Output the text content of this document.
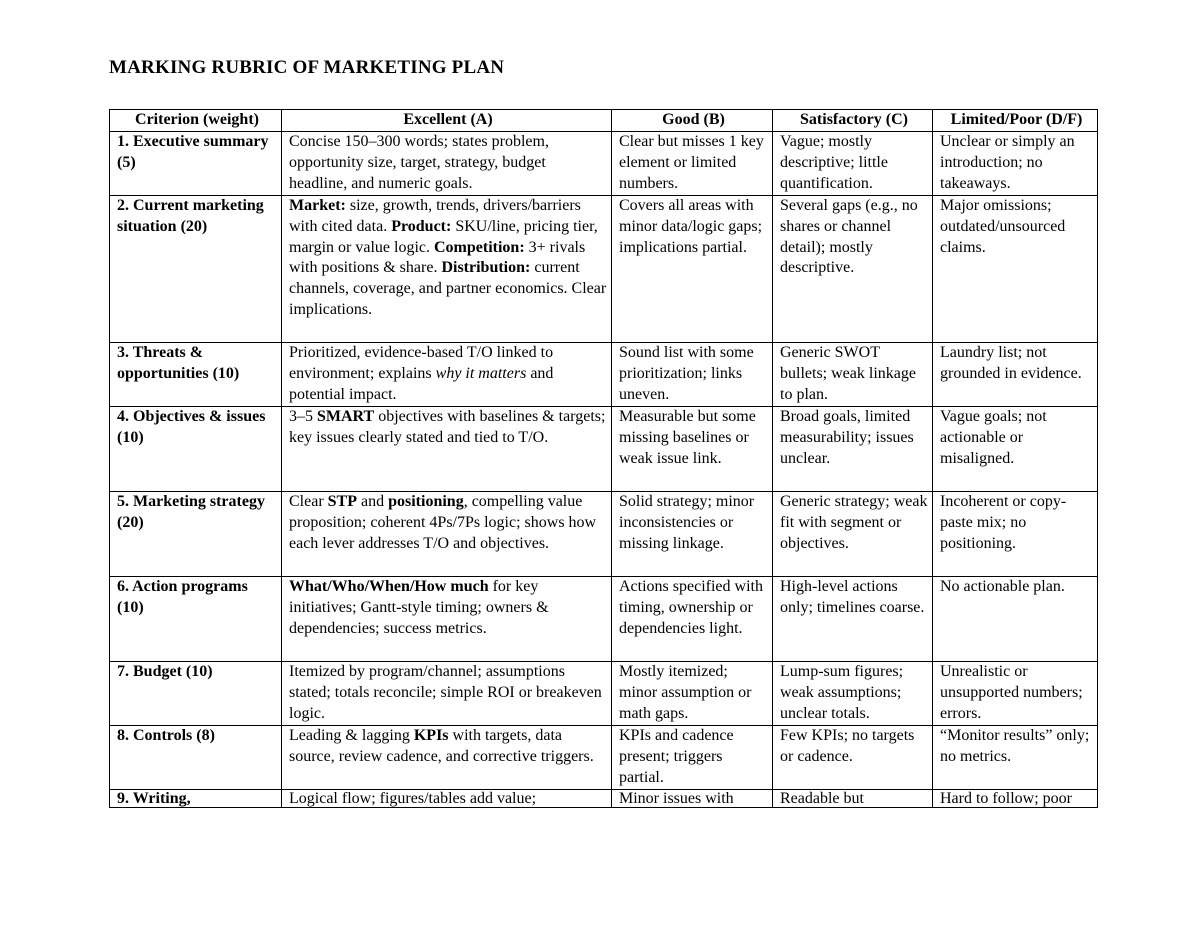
MARKING RUBRIC OF MARKETING PLAN
Criterion (weight)	Excellent (A)	Good (B)	Satisfactory (C)	Limited/Poor (D/F)
1. Executive summary (5)	Concise 150–300 words; states problem, opportunity size, target, strategy, budget headline, and numeric goals.	Clear but misses 1 key element or limited numbers.	Vague; mostly descriptive; little quantification.	Unclear or simply an introduction; no takeaways.
2. Current marketing situation (20)	Market: size, growth, trends, drivers/barriers with cited data. Product: SKU/line, pricing tier, margin or value logic. Competition: 3+ rivals with positions & share. Distribution: current channels, coverage, and partner economics. Clear implications.	Covers all areas with minor data/logic gaps; implications partial.	Several gaps (e.g., no shares or channel detail); mostly descriptive.	Major omissions; outdated/unsourced claims.
3. Threats & opportunities (10)	Prioritized, evidence-based T/O linked to environment; explains why it matters and potential impact.	Sound list with some prioritization; links uneven.	Generic SWOT bullets; weak linkage to plan.	Laundry list; not grounded in evidence.
4. Objectives & issues (10)	3–5 SMART objectives with baselines & targets; key issues clearly stated and tied to T/O.	Measurable but some missing baselines or weak issue link.	Broad goals, limited measurability; issues unclear.	Vague goals; not actionable or misaligned.
5. Marketing strategy (20)	Clear STP and positioning, compelling value proposition; coherent 4Ps/7Ps logic; shows how each lever addresses T/O and objectives.	Solid strategy; minor inconsistencies or missing linkage.	Generic strategy; weak fit with segment or objectives.	Incoherent or copy-paste mix; no positioning.
6. Action programs (10)	What/Who/When/How much for key initiatives; Gantt-style timing; owners & dependencies; success metrics.	Actions specified with timing, ownership or dependencies light.	High-level actions only; timelines coarse.	No actionable plan.
7. Budget (10)	Itemized by program/channel; assumptions stated; totals reconcile; simple ROI or breakeven logic.	Mostly itemized; minor assumption or math gaps.	Lump-sum figures; weak assumptions; unclear totals.	Unrealistic or unsupported numbers; errors.
8. Controls (8)	Leading & lagging KPIs with targets, data source, review cadence, and corrective triggers.	KPIs and cadence present; triggers partial.	Few KPIs; no targets or cadence.	“Monitor results” only; no metrics.
9. Writing,	Logical flow; figures/tables add value;	Minor issues with	Readable but	Hard to follow; poor
